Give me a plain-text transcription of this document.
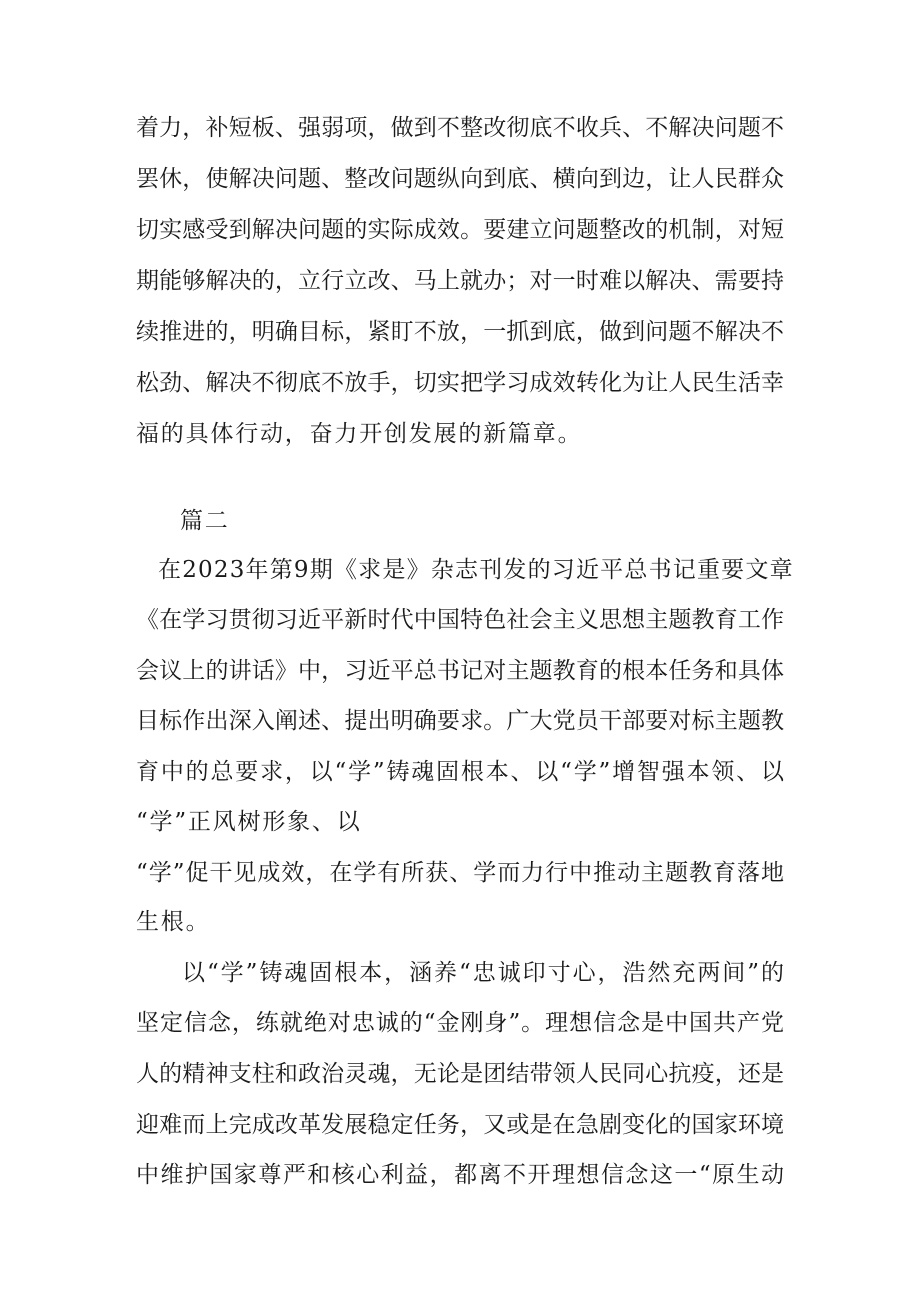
着力，补短板、强弱项，做到不整改彻底不收兵、不解决问题不

罢休，使解决问题、整改问题纵向到底、横向到边，让人民群众

切实感受到解决问题的实际成效。要建立问题整改的机制，对短

期能够解决的，立行立改、马上就办；对一时难以解决、需要持

续推进的，明确目标，紧盯不放，一抓到底，做到问题不解决不

松劲、解决不彻底不放手，切实把学习成效转化为让人民生活幸

福的具体行动，奋力开创发展的新篇章。

篇二

在2023年第9期《求是》杂志刊发的习近平总书记重要文章

《在学习贯彻习近平新时代中国特色社会主义思想主题教育工作

会议上的讲话》中，习近平总书记对主题教育的根本任务和具体

目标作出深入阐述、提出明确要求。广大党员干部要对标主题教

育中的总要求，以“学”铸魂固根本、以“学”增智强本领、以

“学”正风树形象、以

“学”促干见成效，在学有所获、学而力行中推动主题教育落地

生根。

以“学”铸魂固根本，涵养“忠诚印寸心，浩然充两间”的

坚定信念，练就绝对忠诚的“金刚身”。理想信念是中国共产党

人的精神支柱和政治灵魂，无论是团结带领人民同心抗疫，还是

迎难而上完成改革发展稳定任务，又或是在急剧变化的国家环境

中维护国家尊严和核心利益，都离不开理想信念这一“原生动
